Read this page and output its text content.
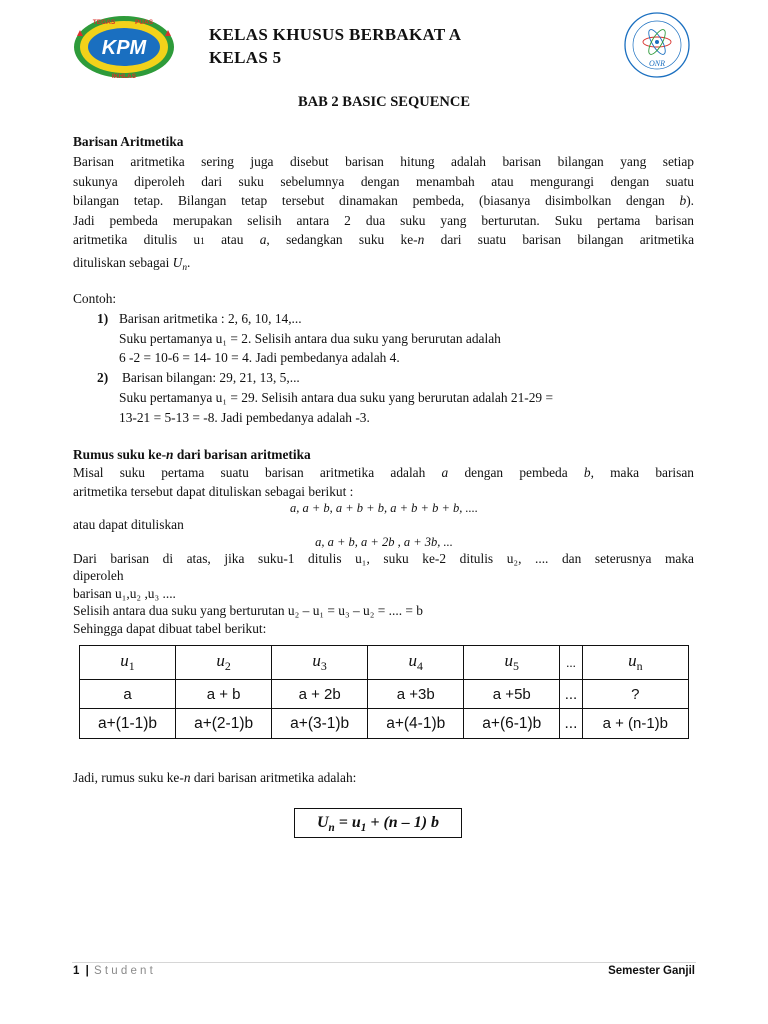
KPM
TEGAS	PUAS
IKHLAS
KELAS KHUSUS BERBAKAT A
KELAS 5	ONR
BAB 2 BASIC SEQUENCE
Barisan Aritmetika
Barisan aritmetika sering juga disebut barisan hitung adalah barisan bilangan yang setiap
sukunya diperoleh dari suku sebelumnya dengan menambah atau mengurangi dengan suatu
bilangan tetap. Bilangan tetap tersebut dinamakan pembeda, (biasanya disimbolkan dengan b).
Jadi pembeda merupakan selisih antara 2 dua suku yang berturutan. Suku pertama barisan
aritmetika ditulis u1 atau a, sedangkan suku ke-n dari suatu barisan bilangan aritmetika
dituliskan sebagai $U_n$.
Contoh:
1) Barisan aritmetika : 2, 6, 10, 14,...
Suku pertamanya u₁ = 2. Selisih antara dua suku yang berurutan adalah
6 -2 = 10-6 = 14- 10 = 4. Jadi pembedanya adalah 4.
2) Barisan bilangan: 29, 21, 13, 5,...
Suku pertamanya u₁ = 29. Selisih antara dua suku yang berurutan adalah 21-29 =
13-21 = 5-13 = -8. Jadi pembedanya adalah -3.
Rumus suku ke-n dari barisan aritmetika
Misal suku pertama suatu barisan aritmetika adalah a dengan pembeda b, maka barisan
aritmetika tersebut dapat dituliskan sebagai berikut :
a, a + b, a + b + b, a + b + b + b, ....
atau dapat dituliskan
a, a + b, a + 2b , a + 3b, ...
Dari barisan di atas, jika suku-1 ditulis u₁, suku ke-2 ditulis u₂, .... dan seterusnya maka
diperoleh
barisan u₁,u₂ ,u₃ ....
Selisih antara dua suku yang berturutan u₂ – u₁ = u₃ – u₂ = .... = b
Sehingga dapat dibuat tabel berikut:
$u_1$	$u_2$	$u_3$	$u_4$	$u_5$	...	$u_n$
a	a + b	a + 2b	a +3b	a +5b	...	?
a+(1-1)b	a+(2-1)b	a+(3-1)b	a+(4-1)b	a+(6-1)b	...	a + (n-1)b
Jadi, rumus suku ke-n dari barisan aritmetika adalah:
$U_n = u_1 + (n - 1)$ b
1 | S t u d e n t	Semester Ganjil
